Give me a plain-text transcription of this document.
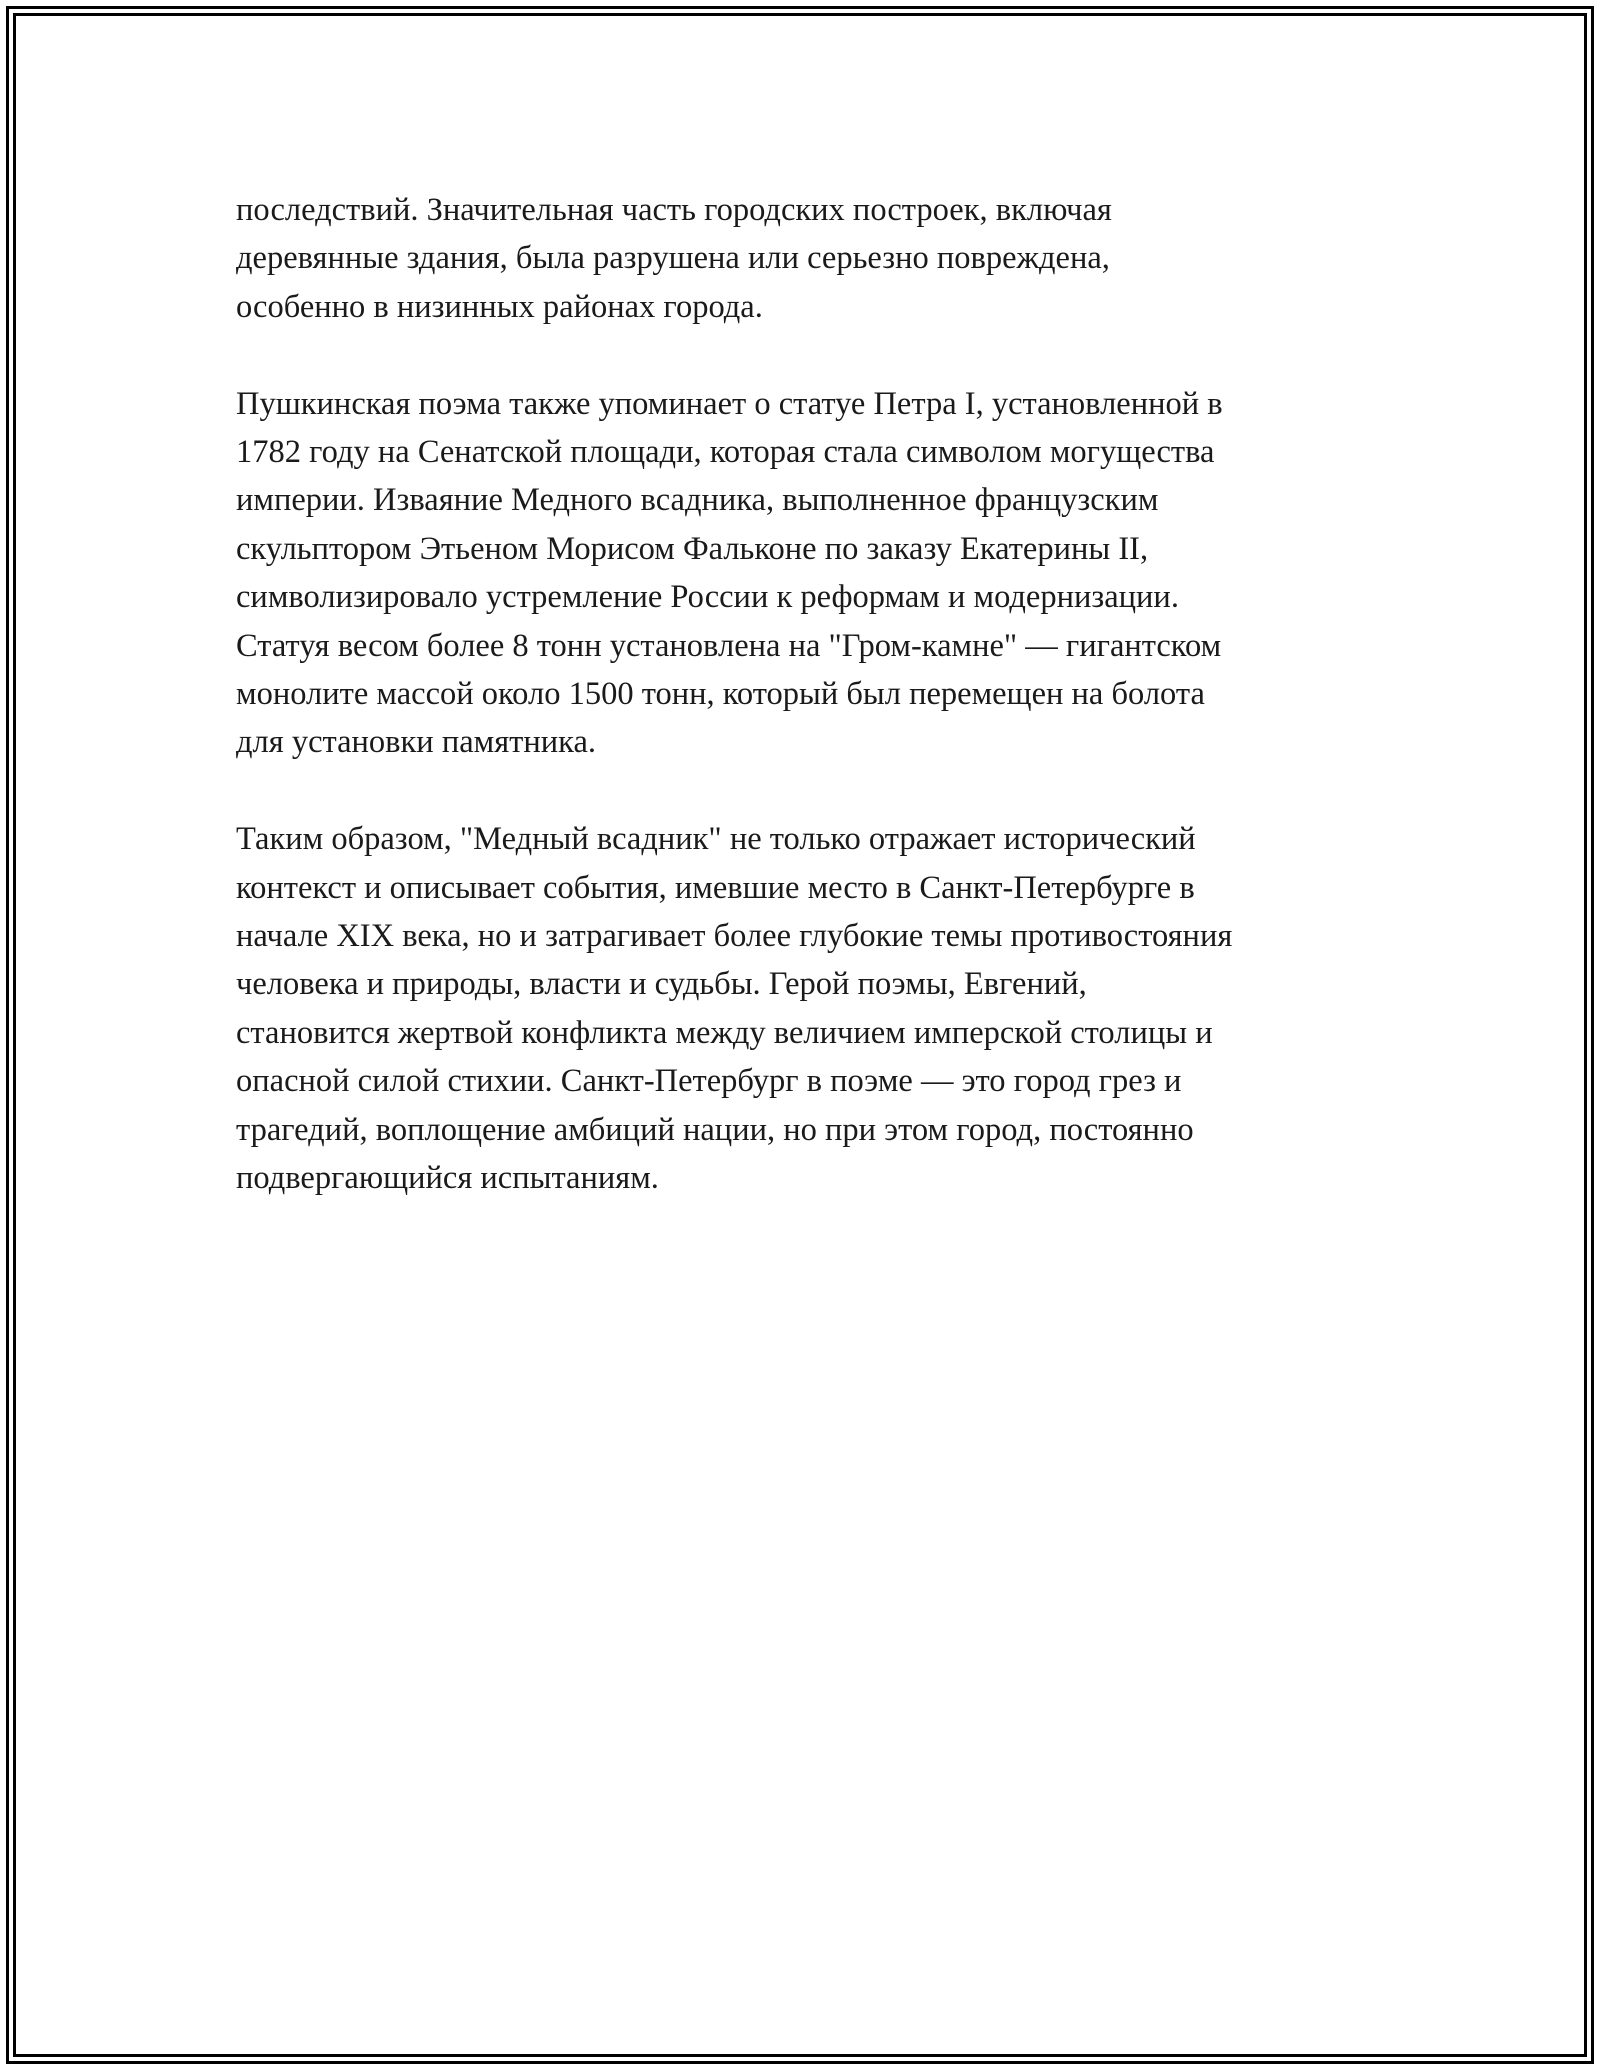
последствий. Значительная часть городских построек, включая
деревянные здания, была разрушена или серьезно повреждена,
особенно в низинных районах города.

Пушкинская поэма также упоминает о статуе Петра I, установленной в
1782 году на Сенатской площади, которая стала символом могущества
империи. Изваяние Медного всадника, выполненное французским
скульптором Этьеном Морисом Фальконе по заказу Екатерины II,
символизировало устремление России к реформам и модернизации.
Статуя весом более 8 тонн установлена на "Гром-камне" — гигантском
монолите массой около 1500 тонн, который был перемещен на болота
для установки памятника.

Таким образом, "Медный всадник" не только отражает исторический
контекст и описывает события, имевшие место в Санкт-Петербурге в
начале XIX века, но и затрагивает более глубокие темы противостояния
человека и природы, власти и судьбы. Герой поэмы, Евгений,
становится жертвой конфликта между величием имперской столицы и
опасной силой стихии. Санкт-Петербург в поэме — это город грез и
трагедий, воплощение амбиций нации, но при этом город, постоянно
подвергающийся испытаниям.
